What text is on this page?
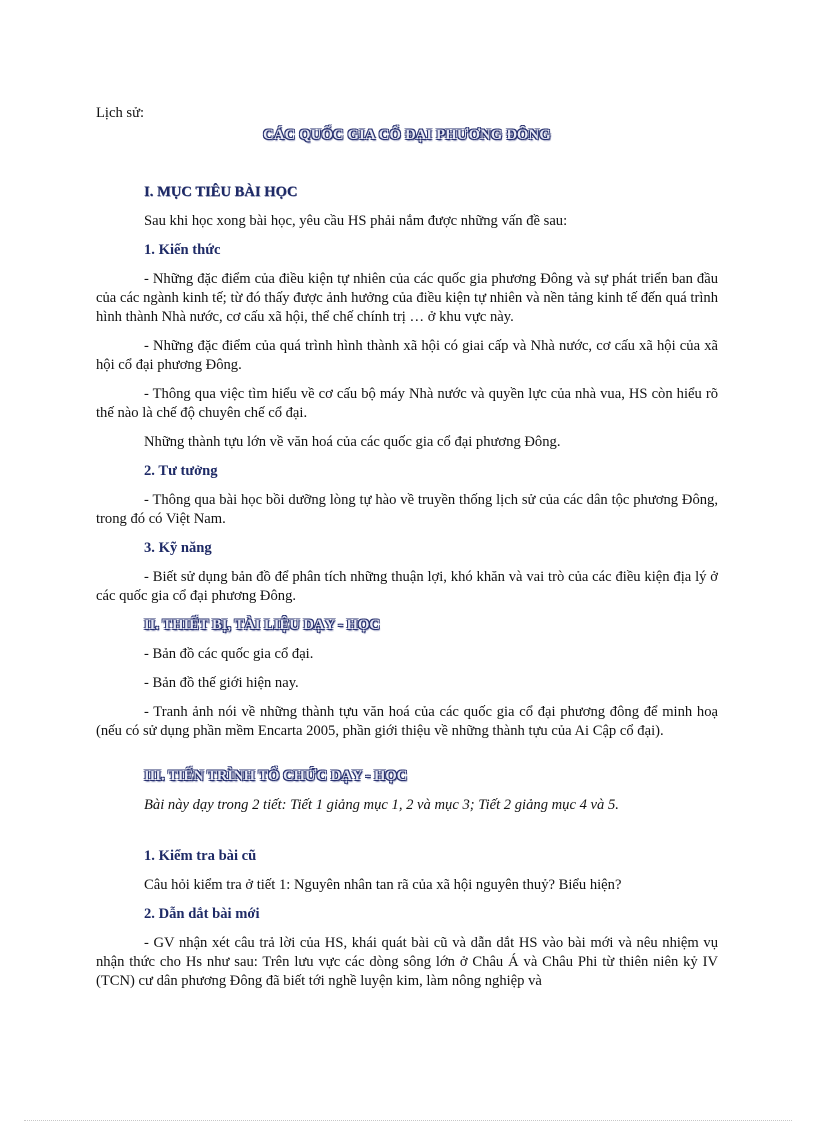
Lịch sử:

CÁC QUỐC GIA CỔ ĐẠI PHƯƠNG ĐÔNG

I. MỤC TIÊU BÀI HỌC

Sau khi học xong bài học, yêu cầu HS phải nắm được những vấn đề sau:

1. Kiến thức

- Những đặc điểm của điều kiện tự nhiên của các quốc gia phương Đông và sự phát triển ban đầu của các ngành kinh tế; từ đó thấy được ảnh hưởng của điều kiện tự nhiên và nền tảng kinh tế đến quá trình hình thành Nhà nước, cơ cấu xã hội, thể chế chính trị … ở khu vực này.

- Những đặc điểm của quá trình hình thành xã hội có giai cấp và Nhà nước, cơ cấu xã hội của xã hội cổ đại phương Đông.

- Thông qua việc tìm hiểu về cơ cấu bộ máy Nhà nước và quyền lực của nhà vua, HS còn hiểu rõ thế nào là chế độ chuyên chế cổ đại.

Những thành tựu lớn về văn hoá của các quốc gia cổ đại phương Đông.

2. Tư tưởng

- Thông qua bài học bồi dưỡng lòng tự hào về truyền thống lịch sử của các dân tộc phương Đông, trong đó có Việt Nam.

3. Kỹ năng

- Biết sử dụng bản đồ để phân tích những thuận lợi, khó khăn và vai trò của các điều kiện địa lý ở các quốc gia cổ đại phương Đông.

II. THIẾT BỊ, TÀI LIỆU DẠY - HỌC

- Bản đồ các quốc gia cổ đại.

- Bản đồ thế giới hiện nay.

- Tranh ảnh nói về những thành tựu văn hoá của các quốc gia cổ đại phương đông để minh hoạ (nếu có sử dụng phần mềm Encarta 2005, phần giới thiệu về những thành tựu của Ai Cập cổ đại).

III. TIẾN TRÌNH TỔ CHỨC DẠY - HỌC

Bài này dạy trong 2 tiết: Tiết 1 giảng mục 1, 2 và mục 3; Tiết 2 giảng mục 4 và 5.

1. Kiểm tra bài cũ

Câu hỏi kiểm tra ở tiết 1: Nguyên nhân tan rã của xã hội nguyên thuỷ? Biểu hiện?

2. Dẫn dắt bài mới

- GV nhận xét câu trả lời của HS, khái quát bài cũ và dẫn dắt HS vào bài mới và nêu nhiệm vụ nhận thức cho Hs như sau: Trên lưu vực các dòng sông lớn ở Châu Á và Châu Phi từ thiên niên kỷ IV (TCN) cư dân phương Đông đã biết tới nghề luyện kim, làm nông nghiệp và
